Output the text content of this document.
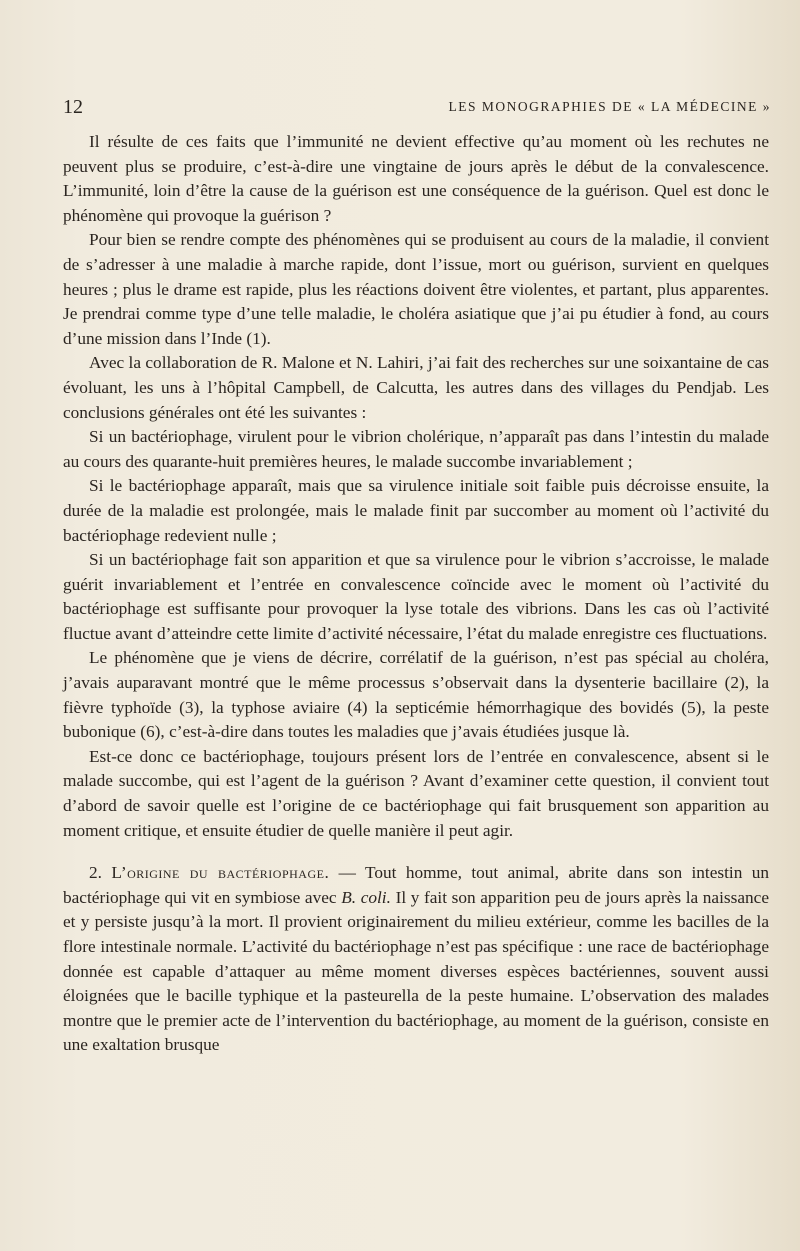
12	LES MONOGRAPHIES DE « LA MÉDECINE »

Il résulte de ces faits que l’immunité ne devient effective qu’au moment où les rechutes ne peuvent plus se produire, c’est-à-dire une vingtaine de jours après le début de la convalescence. L’immunité, loin d’être la cause de la guérison est une conséquence de la guérison. Quel est donc le phénomène qui provoque la guérison ?

Pour bien se rendre compte des phénomènes qui se produisent au cours de la maladie, il convient de s’adresser à une maladie à marche rapide, dont l’issue, mort ou guérison, survient en quelques heures ; plus le drame est rapide, plus les réactions doivent être violentes, et partant, plus apparentes. Je prendrai comme type d’une telle maladie, le choléra asiatique que j’ai pu étudier à fond, au cours d’une mission dans l’Inde (1).

Avec la collaboration de R. Malone et N. Lahiri, j’ai fait des recherches sur une soixantaine de cas évoluant, les uns à l’hôpital Campbell, de Calcutta, les autres dans des villages du Pendjab. Les conclusions générales ont été les suivantes :

Si un bactériophage, virulent pour le vibrion cholérique, n’apparaît pas dans l’intestin du malade au cours des quarante-huit premières heures, le malade succombe invariablement ;

Si le bactériophage apparaît, mais que sa virulence initiale soit faible puis décroisse ensuite, la durée de la maladie est prolongée, mais le malade finit par succomber au moment où l’activité du bactériophage redevient nulle ;

Si un bactériophage fait son apparition et que sa virulence pour le vibrion s’accroisse, le malade guérit invariablement et l’entrée en convalescence coïncide avec le moment où l’activité du bactériophage est suffisante pour provoquer la lyse totale des vibrions. Dans les cas où l’activité fluctue avant d’atteindre cette limite d’activité nécessaire, l’état du malade enregistre ces fluctuations.

Le phénomène que je viens de décrire, corrélatif de la guérison, n’est pas spécial au choléra, j’avais auparavant montré que le même processus s’observait dans la dysenterie bacillaire (2), la fièvre typhoïde (3), la typhose aviaire (4) la septicémie hémorrhagique des bovidés (5), la peste bubonique (6), c’est-à-dire dans toutes les maladies que j’avais étudiées jusque là.

Est-ce donc ce bactériophage, toujours présent lors de l’entrée en convalescence, absent si le malade succombe, qui est l’agent de la guérison ? Avant d’examiner cette question, il convient tout d’abord de savoir quelle est l’origine de ce bactériophage qui fait brusquement son apparition au moment critique, et ensuite étudier de quelle manière il peut agir.

2. L’origine du bactériophage. — Tout homme, tout animal, abrite dans son intestin un bactériophage qui vit en symbiose avec B. coli. Il y fait son apparition peu de jours après la naissance et y persiste jusqu’à la mort. Il provient originairement du milieu extérieur, comme les bacilles de la flore intestinale normale. L’activité du bactériophage n’est pas spécifique : une race de bactériophage donnée est capable d’attaquer au même moment diverses espèces bactériennes, souvent aussi éloignées que le bacille typhique et la pasteurella de la peste humaine. L’observation des malades montre que le premier acte de l’intervention du bactériophage, au moment de la guérison, consiste en une exaltation brusque
